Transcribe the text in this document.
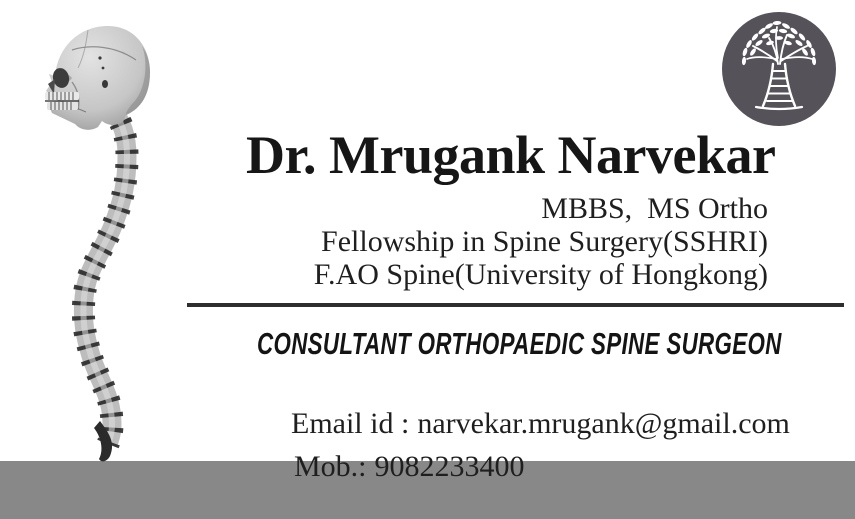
Dr. Mrugank Narvekar
MBBS,  MS Ortho
Fellowship in Spine Surgery(SSHRI)
F.AO Spine(University of Hongkong)
CONSULTANT ORTHOPAEDIC SPINE SURGEON

Email id : narvekar.mrugank@gmail.com

Mob.: 9082233400
